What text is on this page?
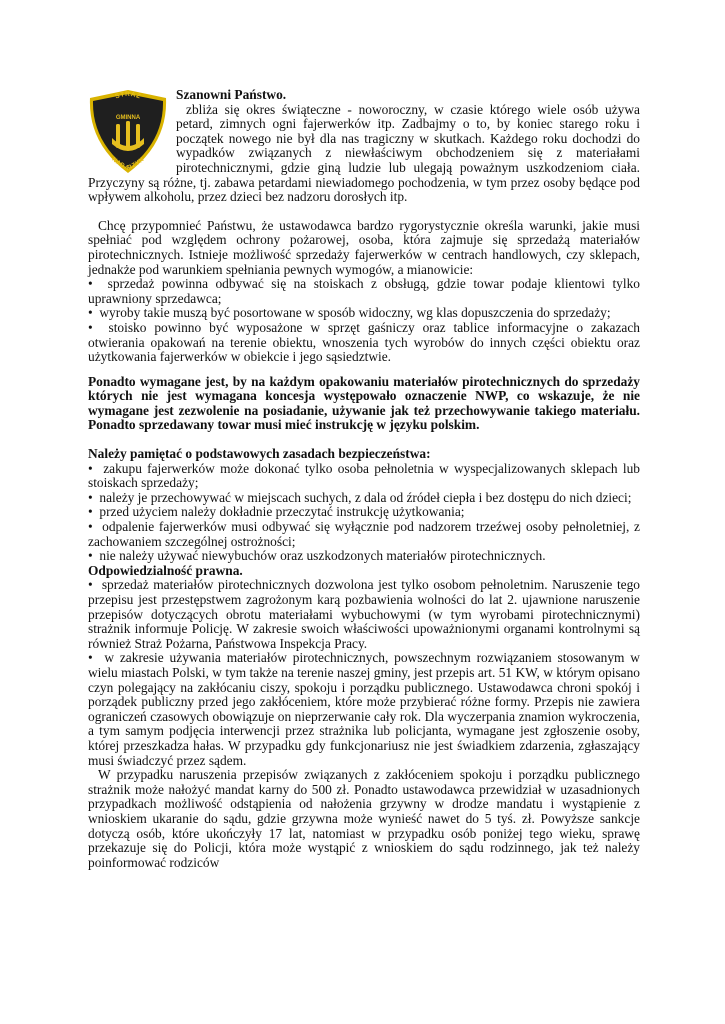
STRAŻ
GMINNA
NADARZYN

Szanowni Państwo.

zbliża się okres świąteczne - noworoczny, w czasie którego wiele osób używa petard, zimnych ogni fajerwerków itp. Zadbajmy o to, by koniec starego roku i początek nowego nie był dla nas tragiczny w skutkach. Każdego roku dochodzi do wypadków związanych z niewłaściwym obchodzeniem się z materiałami pirotechnicznymi, gdzie giną ludzie lub ulegają poważnym uszkodzeniom ciała. Przyczyny są różne, tj. zabawa petardami niewiadomego pochodzenia, w tym przez osoby będące pod wpływem alkoholu, przez dzieci bez nadzoru dorosłych itp.

Chcę przypomnieć Państwu, że ustawodawca bardzo rygorystycznie określa warunki, jakie musi spełniać pod względem ochrony pożarowej, osoba, która zajmuje się sprzedażą materiałów pirotechnicznych. Istnieje możliwość sprzedaży fajerwerków w centrach handlowych, czy sklepach, jednakże pod warunkiem spełniania pewnych wymogów, a mianowicie:

•  sprzedaż powinna odbywać się na stoiskach z obsługą, gdzie towar podaje klientowi tylko uprawniony sprzedawca;

•  wyroby takie muszą być posortowane w sposób widoczny, wg klas dopuszczenia do sprzedaży;

•  stoisko powinno być wyposażone w sprzęt gaśniczy oraz tablice informacyjne o zakazach otwierania opakowań na terenie obiektu, wnoszenia tych wyrobów do innych części obiektu oraz użytkowania fajerwerków w obiekcie i jego sąsiedztwie.

Ponadto wymagane jest, by na każdym opakowaniu materiałów pirotechnicznych do sprzedaży których nie jest wymagana koncesja występowało oznaczenie NWP, co wskazuje, że nie wymagane jest zezwolenie na posiadanie, używanie jak też przechowywanie takiego materiału. Ponadto sprzedawany towar musi mieć instrukcję w języku polskim.

Należy pamiętać o podstawowych zasadach bezpieczeństwa:

•  zakupu fajerwerków może dokonać tylko osoba pełnoletnia w wyspecjalizowanych sklepach lub stoiskach sprzedaży;

•  należy je przechowywać w miejscach suchych, z dala od źródeł ciepła i bez dostępu do nich dzieci;

•  przed użyciem należy dokładnie przeczytać instrukcję użytkowania;

•  odpalenie fajerwerków musi odbywać się wyłącznie pod nadzorem trzeźwej osoby pełnoletniej, z zachowaniem szczególnej ostrożności;

•  nie należy używać niewybuchów oraz uszkodzonych materiałów pirotechnicznych.

Odpowiedzialność prawna.

•  sprzedaż materiałów pirotechnicznych dozwolona jest tylko osobom pełnoletnim. Naruszenie tego przepisu jest przestępstwem zagrożonym karą pozbawienia wolności do lat 2. ujawnione naruszenie przepisów dotyczących obrotu materiałami wybuchowymi (w tym wyrobami pirotechnicznymi) strażnik informuje Policję. W zakresie swoich właściwości upoważnionymi organami kontrolnymi są również Straż Pożarna, Państwowa Inspekcja Pracy.

•  w zakresie używania materiałów pirotechnicznych, powszechnym rozwiązaniem stosowanym w wielu miastach Polski, w tym także na terenie naszej gminy, jest przepis art. 51 KW, w którym opisano czyn polegający na zakłócaniu ciszy, spokoju i porządku publicznego. Ustawodawca chroni spokój i porządek publiczny przed jego zakłóceniem, które może przybierać różne formy. Przepis nie zawiera ograniczeń czasowych obowiązuje on nieprzerwanie cały rok. Dla wyczerpania znamion wykroczenia, a tym samym podjęcia interwencji przez strażnika lub policjanta, wymagane jest zgłoszenie osoby, której przeszkadza hałas. W przypadku gdy funkcjonariusz nie jest świadkiem zdarzenia, zgłaszający musi świadczyć przez sądem.

W przypadku naruszenia przepisów związanych z zakłóceniem spokoju i porządku publicznego strażnik może nałożyć mandat karny do 500 zł. Ponadto ustawodawca przewidział w uzasadnionych przypadkach możliwość odstąpienia od nałożenia grzywny w drodze mandatu i wystąpienie z wnioskiem ukaranie do sądu, gdzie grzywna może wynieść nawet do 5 tyś. zł. Powyższe sankcje dotyczą osób, które ukończyły 17 lat, natomiast w przypadku osób poniżej tego wieku, sprawę przekazuje się do Policji, która może wystąpić z wnioskiem do sądu rodzinnego, jak też należy poinformować rodziców
